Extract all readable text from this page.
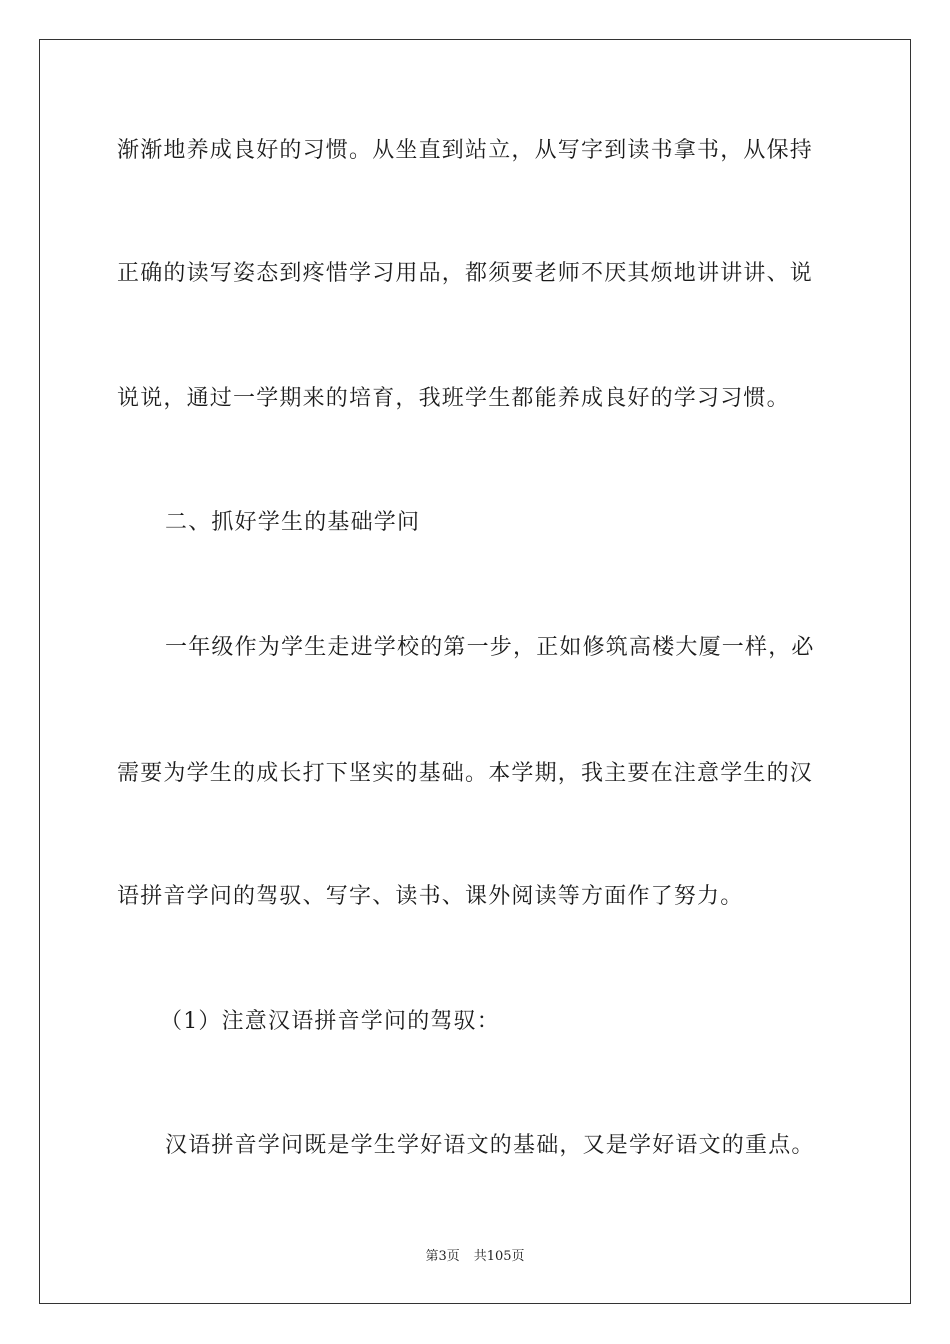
渐渐地养成良好的习惯。从坐直到站立，从写字到读书拿书，从保持
正确的读写姿态到疼惜学习用品，都须要老师不厌其烦地讲讲讲、说
说说，通过一学期来的培育，我班学生都能养成良好的学习习惯。
二、抓好学生的基础学问
一年级作为学生走进学校的第一步，正如修筑高楼大厦一样，必
需要为学生的成长打下坚实的基础。本学期，我主要在注意学生的汉
语拼音学问的驾驭、写字、读书、课外阅读等方面作了努力。
（1）注意汉语拼音学问的驾驭：
汉语拼音学问既是学生学好语文的基础，又是学好语文的重点。
第3页 共105页
